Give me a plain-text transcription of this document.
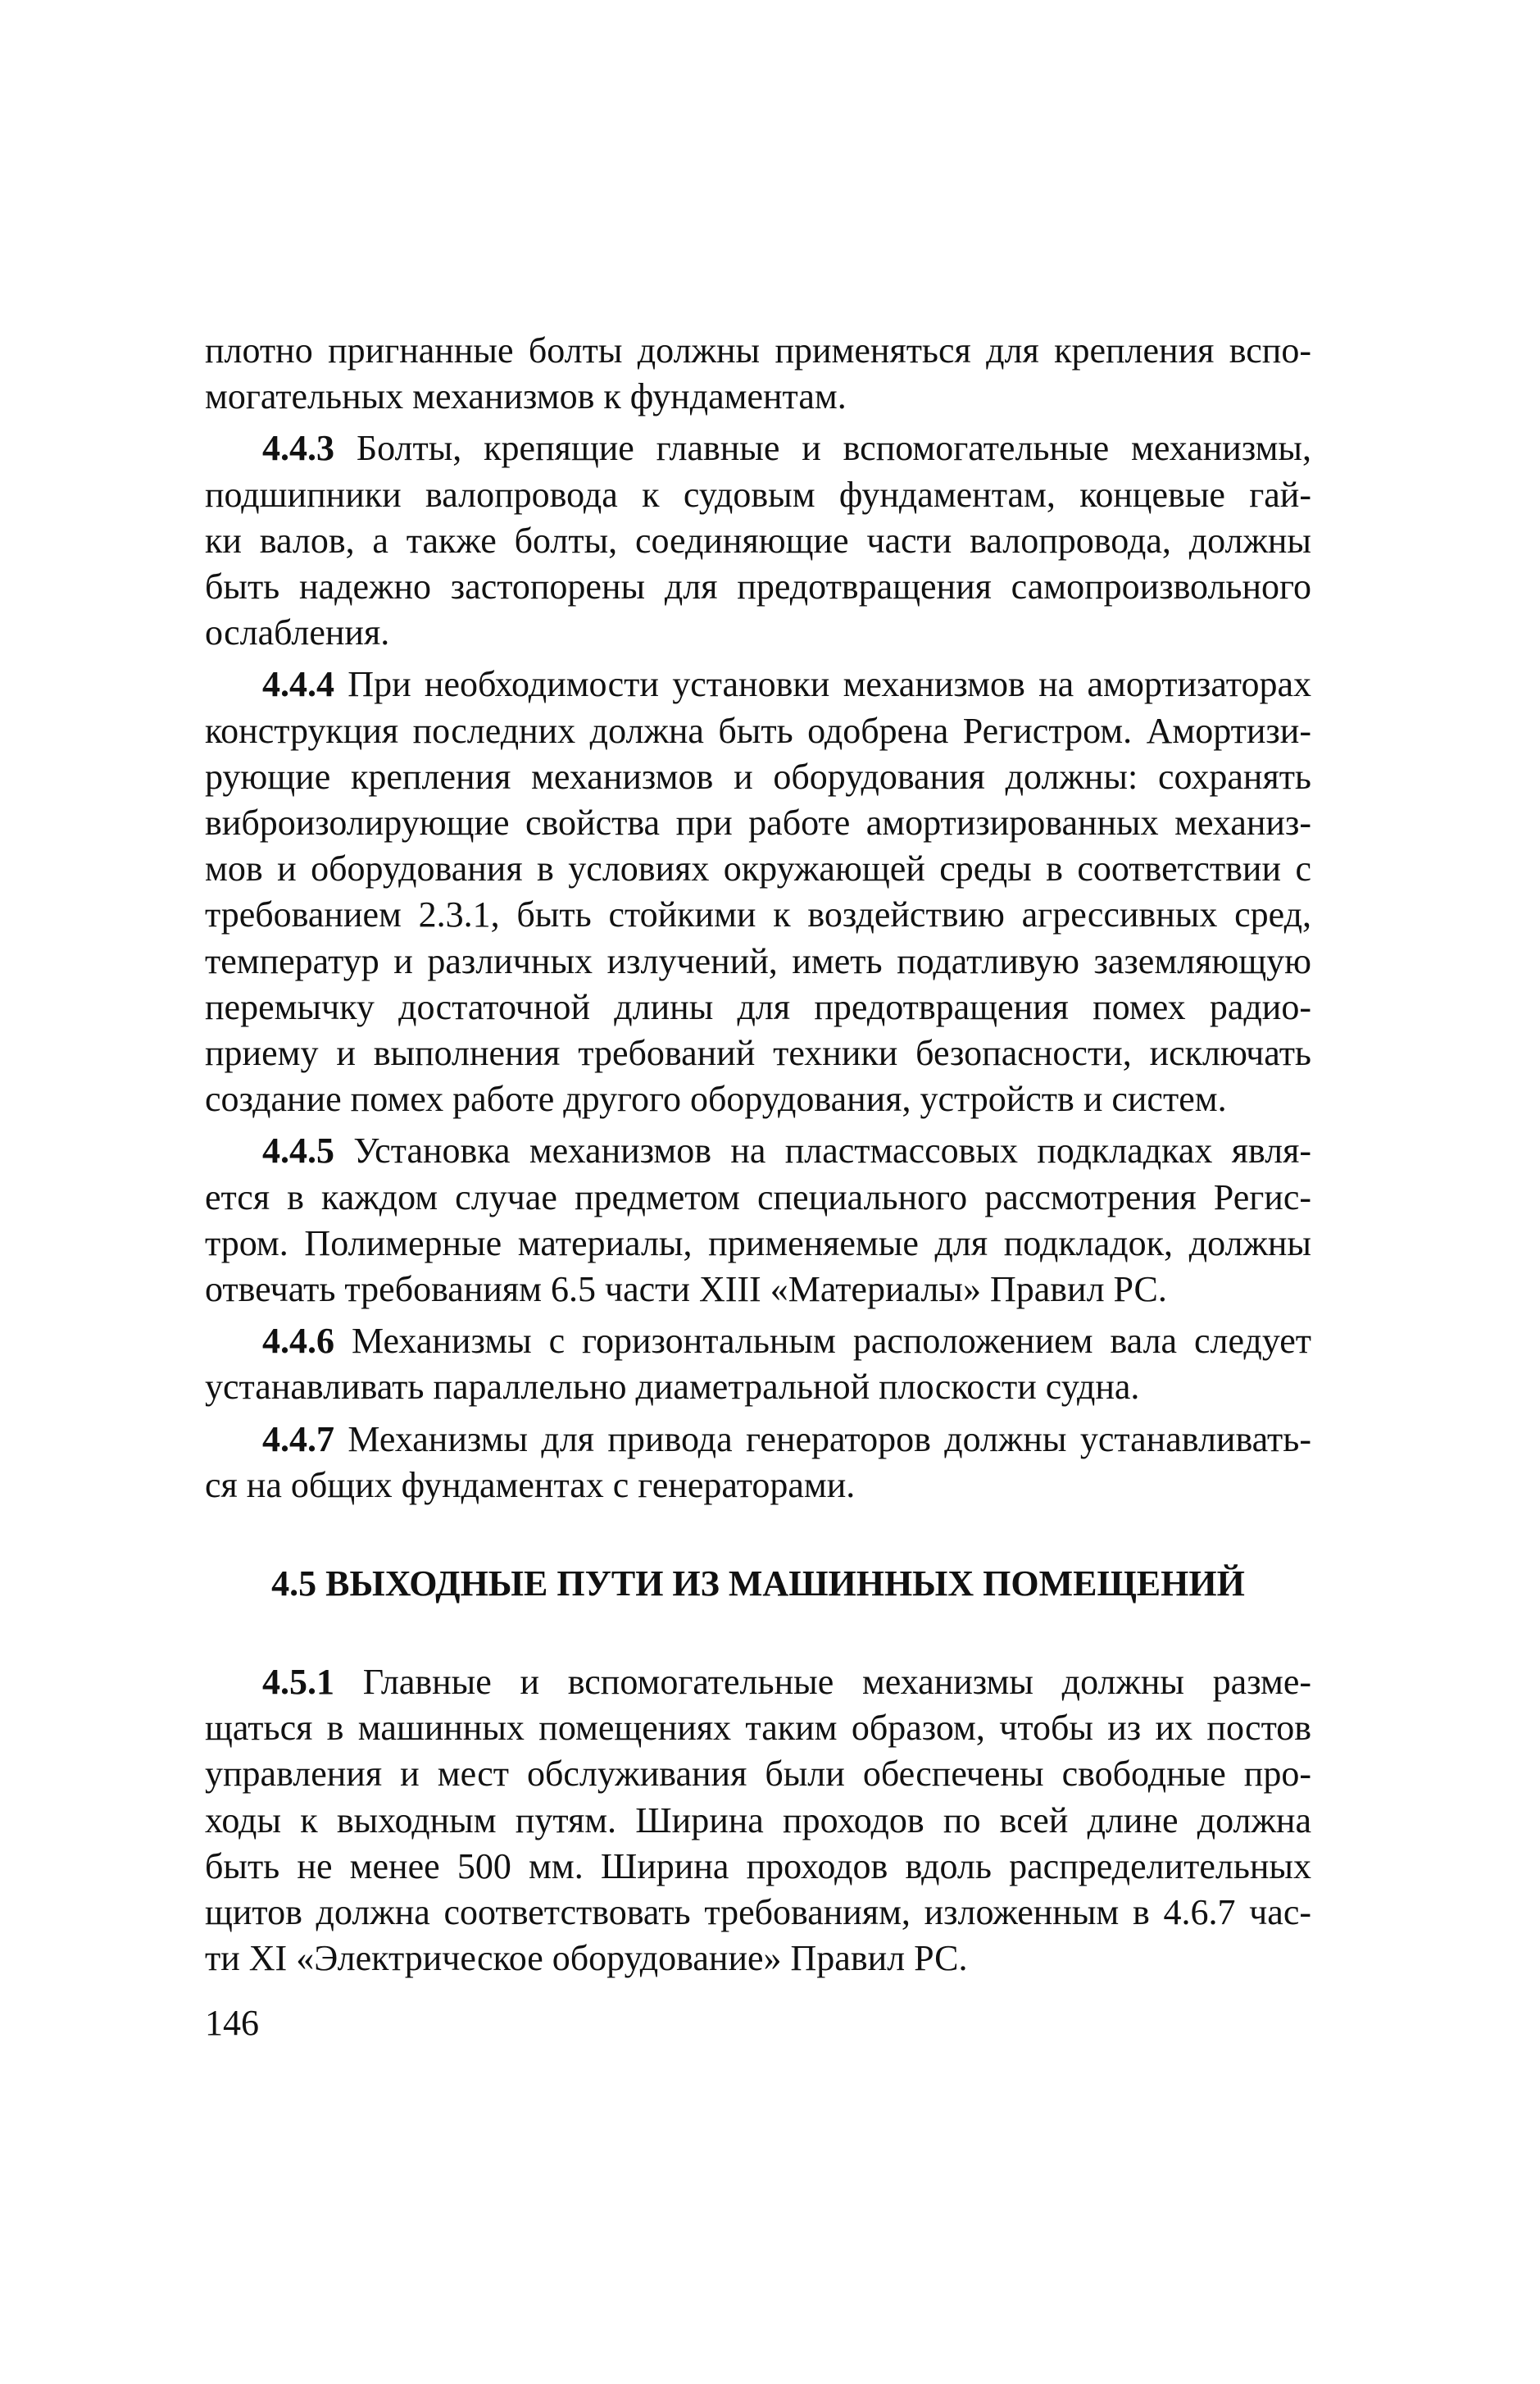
плотно пригнанные болты должны применяться для крепления вспо-
могательных механизмов к фундаментам.

4.4.3 Болты, крепящие главные и вспомогательные механизмы,
подшипники валопровода к судовым фундаментам, концевые гай-
ки валов, а также болты, соединяющие части валопровода, должны
быть надежно застопорены для предотвращения самопроизвольного
ослабления.

4.4.4 При необходимости установки механизмов на амортизаторах
конструкция последних должна быть одобрена Регистром. Амортизи-
рующие крепления механизмов и оборудования должны: сохранять
виброизолирующие свойства при работе амортизированных механиз-
мов и оборудования в условиях окружающей среды в соответствии с
требованием 2.3.1, быть стойкими к воздействию агрессивных сред,
температур и различных излучений, иметь податливую заземляющую
перемычку достаточной длины для предотвращения помех радио-
приему и выполнения требований техники безопасности, исключать
создание помех работе другого оборудования, устройств и систем.

4.4.5 Установка механизмов на пластмассовых подкладках явля-
ется в каждом случае предметом специального рассмотрения Регис-
тром. Полимерные материалы, применяемые для подкладок, должны
отвечать требованиям 6.5 части XIII «Материалы» Правил РС.

4.4.6 Механизмы с горизонтальным расположением вала следует
устанавливать параллельно диаметральной плоскости судна.

4.4.7 Механизмы для привода генераторов должны устанавливать-
ся на общих фундаментах с генераторами.

4.5 ВЫХОДНЫЕ ПУТИ ИЗ МАШИННЫХ ПОМЕЩЕНИЙ

4.5.1 Главные и вспомогательные механизмы должны разме-
щаться в машинных помещениях таким образом, чтобы из их постов
управления и мест обслуживания были обеспечены свободные про-
ходы к выходным путям. Ширина проходов по всей длине должна
быть не менее 500 мм. Ширина проходов вдоль распределительных
щитов должна соответствовать требованиям, изложенным в 4.6.7 час-
ти XI «Электрическое оборудование» Правил РС.

146
